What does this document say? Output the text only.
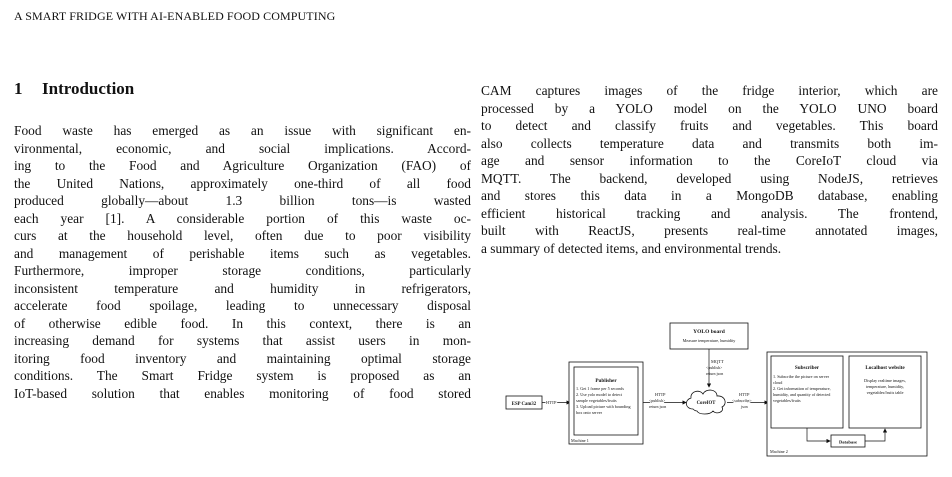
A SMART FRIDGE WITH AI-ENABLED FOOD COMPUTING
1 Introduction

Food waste has emerged as an issue with significant en-
vironmental, economic, and social implications. Accord-
ing to the Food and Agriculture Organization (FAO) of
the United Nations, approximately one-third of all food
produced globally—about 1.3 billion tons—is wasted
each year [1]. A considerable portion of this waste oc-
curs at the household level, often due to poor visibility
and management of perishable items such as vegetables.
Furthermore, improper storage conditions, particularly
inconsistent temperature and humidity in refrigerators,
accelerate food spoilage, leading to unnecessary disposal
of otherwise edible food. In this context, there is an
increasing demand for systems that assist users in mon-
itoring food inventory and maintaining optimal storage
conditions. The Smart Fridge system is proposed as an
IoT-based solution that enables monitoring of food stored

CAM captures images of the fridge interior, which are
processed by a YOLO model on the YOLO UNO board
to detect and classify fruits and vegetables. This board
also collects temperature data and transmits both im-
age and sensor information to the CoreIoT cloud via
MQTT. The backend, developed using NodeJS, retrieves
and stores this data in a MongoDB database, enabling
efficient historical tracking and analysis. The frontend,
built with ReactJS, presents real-time annotated images,
a summary of detected items, and environmental trends.

YOLO board
Measure temperature, humidity
MQTT
<publish>
return json
ESP Cam32 HTTP
Publisher
1. Get 1 frame per 5 seconds
2. Use yolo model to detect
sample vegetables/fruits
3. Upload picture with bounding
box onto server
Machine 1
HTTP
<publish>
return json
CoreIOT
HTTP
<subscribe>
json
Subscriber
1. Subscribe the picture on server
cloud
2. Get information of temperature,
humidity, and quantity of detected
vegetables/fruits
Localhost website
Display realtime images,
temperature, humidity,
vegetables/fruits table
Database
Machine 2
